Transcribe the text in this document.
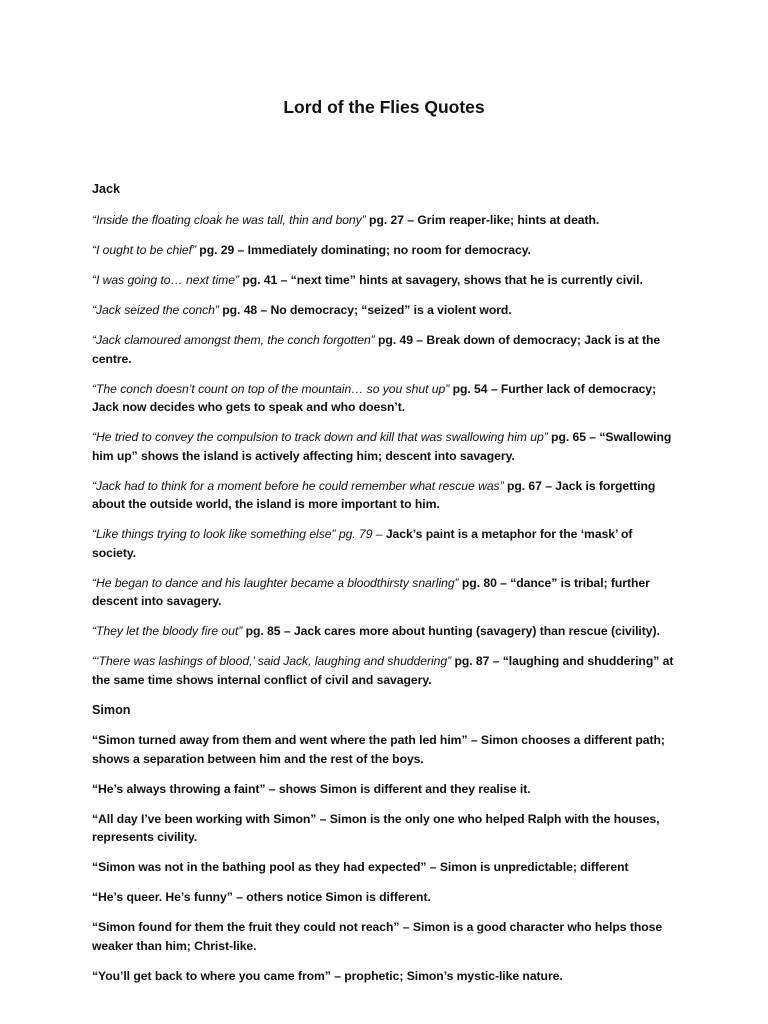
Lord of the Flies Quotes
Jack

“Inside the floating cloak he was tall, thin and bony” pg. 27 – Grim reaper-like; hints at death.

“I ought to be chief” pg. 29 – Immediately dominating; no room for democracy.

“I was going to… next time” pg. 41 – “next time” hints at savagery, shows that he is currently civil.

“Jack seized the conch” pg. 48 – No democracy; “seized” is a violent word.

“Jack clamoured amongst them, the conch forgotten” pg. 49 – Break down of democracy; Jack is at the centre.

“The conch doesn’t count on top of the mountain… so you shut up” pg. 54 – Further lack of democracy; Jack now decides who gets to speak and who doesn’t.

“He tried to convey the compulsion to track down and kill that was swallowing him up” pg. 65 – “Swallowing him up” shows the island is actively affecting him; descent into savagery.

“Jack had to think for a moment before he could remember what rescue was” pg. 67 – Jack is forgetting about the outside world, the island is more important to him.

“Like things trying to look like something else” pg. 79 – Jack’s paint is a metaphor for the ‘mask’ of society.

“He began to dance and his laughter became a bloodthirsty snarling” pg. 80 – “dance” is tribal; further descent into savagery.

“They let the bloody fire out” pg. 85 – Jack cares more about hunting (savagery) than rescue (civility).

“‘There was lashings of blood,’ said Jack, laughing and shuddering” pg. 87 – “laughing and shuddering” at the same time shows internal conflict of civil and savagery.

Simon

“Simon turned away from them and went where the path led him” – Simon chooses a different path; shows a separation between him and the rest of the boys.

“He’s always throwing a faint” – shows Simon is different and they realise it.

“All day I’ve been working with Simon” – Simon is the only one who helped Ralph with the houses, represents civility.

“Simon was not in the bathing pool as they had expected” – Simon is unpredictable; different

“He’s queer. He’s funny” – others notice Simon is different.

“Simon found for them the fruit they could not reach” – Simon is a good character who helps those weaker than him; Christ-like.

“You’ll get back to where you came from” – prophetic; Simon’s mystic-like nature.
